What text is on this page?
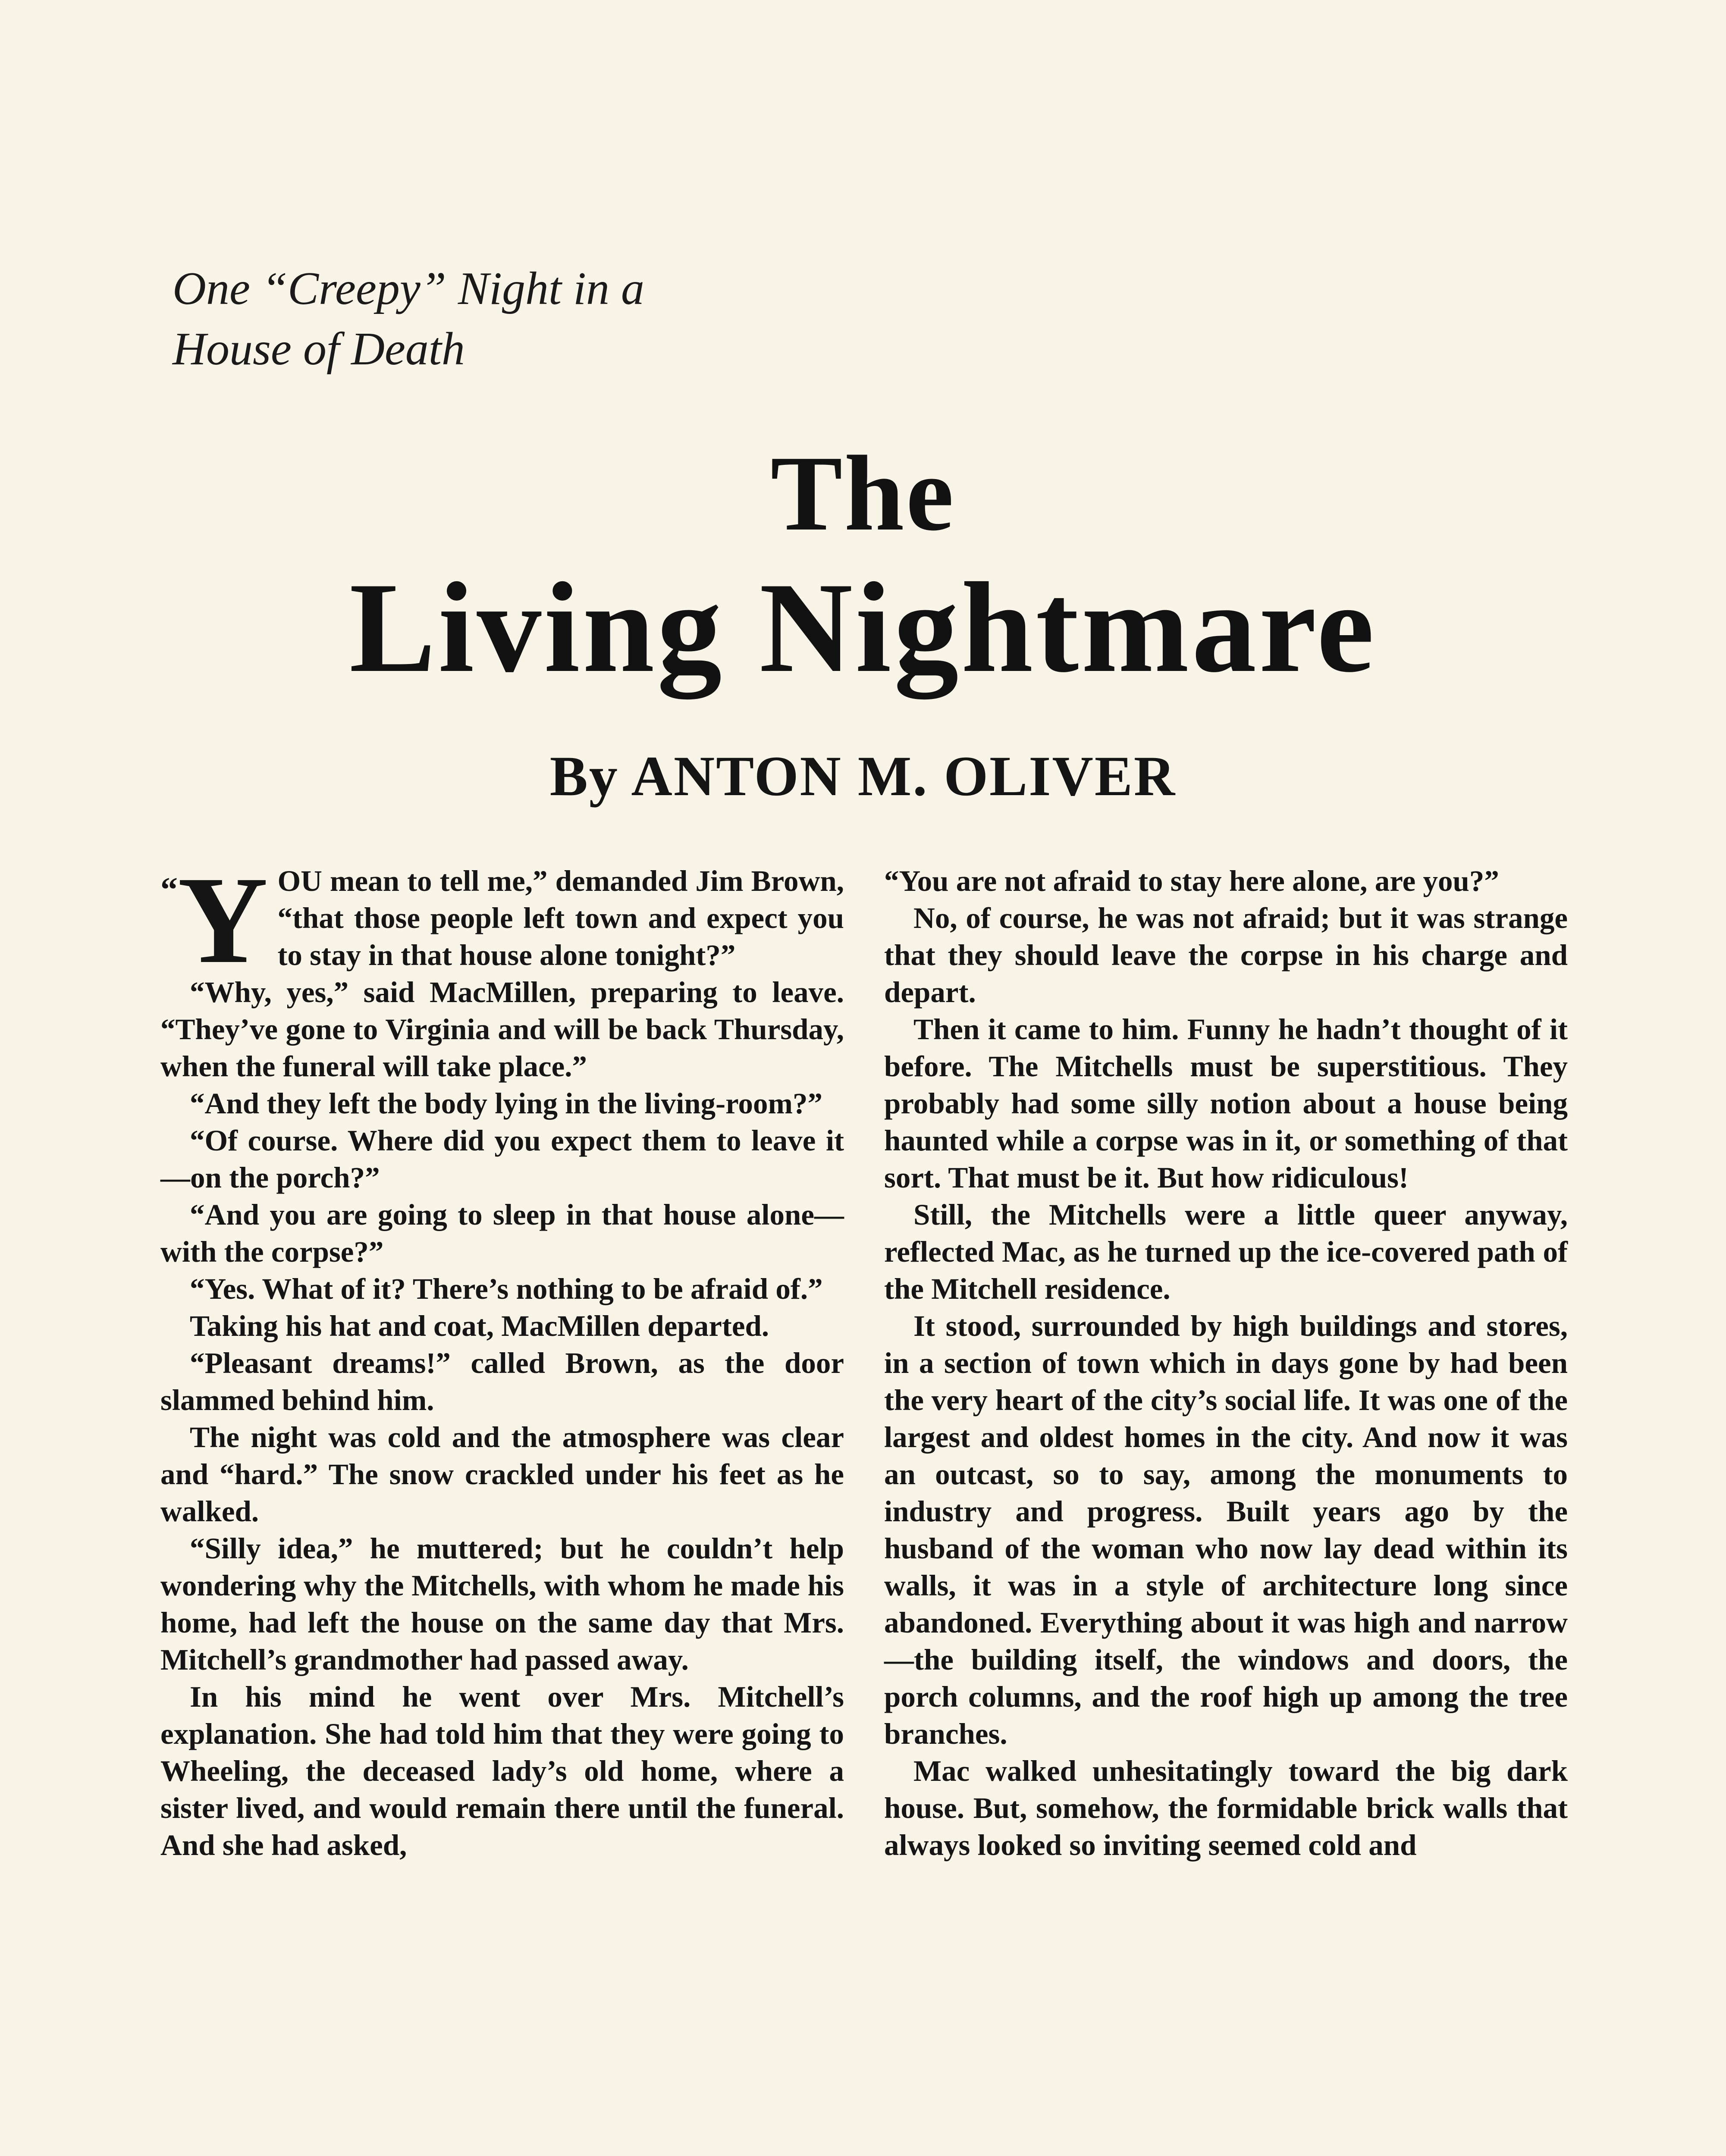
One “Creepy” Night in a
House of Death
The
Living Nightmare
By ANTON M. OLIVER

“Y OU mean to tell me,” demanded Jim Brown, “that those people left town and expect you to stay in that house alone tonight?”

“Why, yes,” said MacMillen, preparing to leave. “They’ve gone to Virginia and will be back Thursday, when the funeral will take place.”

“And they left the body lying in the living-room?”

“Of course. Where did you expect them to leave it—on the porch?”

“And you are going to sleep in that house alone—with the corpse?”

“Yes. What of it? There’s nothing to be afraid of.”

Taking his hat and coat, MacMillen departed.

“Pleasant dreams!” called Brown, as the door slammed behind him.

The night was cold and the atmosphere was clear and “hard.” The snow crackled under his feet as he walked.

“Silly idea,” he muttered; but he couldn’t help wondering why the Mitchells, with whom he made his home, had left the house on the same day that Mrs. Mitchell’s grandmother had passed away.

In his mind he went over Mrs. Mitchell’s explanation. She had told him that they were going to Wheeling, the deceased lady’s old home, where a sister lived, and would remain there until the funeral. And she had asked,

“You are not afraid to stay here alone, are you?”

No, of course, he was not afraid; but it was strange that they should leave the corpse in his charge and depart.

Then it came to him. Funny he hadn’t thought of it before. The Mitchells must be superstitious. They probably had some silly notion about a house being haunted while a corpse was in it, or something of that sort. That must be it. But how ridiculous!

Still, the Mitchells were a little queer anyway, reflected Mac, as he turned up the ice-covered path of the Mitchell residence.

It stood, surrounded by high buildings and stores, in a section of town which in days gone by had been the very heart of the city’s social life. It was one of the largest and oldest homes in the city. And now it was an outcast, so to say, among the monuments to industry and progress. Built years ago by the husband of the woman who now lay dead within its walls, it was in a style of architecture long since abandoned. Everything about it was high and narrow—the building itself, the windows and doors, the porch columns, and the roof high up among the tree branches.

Mac walked unhesitatingly toward the big dark house. But, somehow, the formidable brick walls that always looked so inviting seemed cold and
